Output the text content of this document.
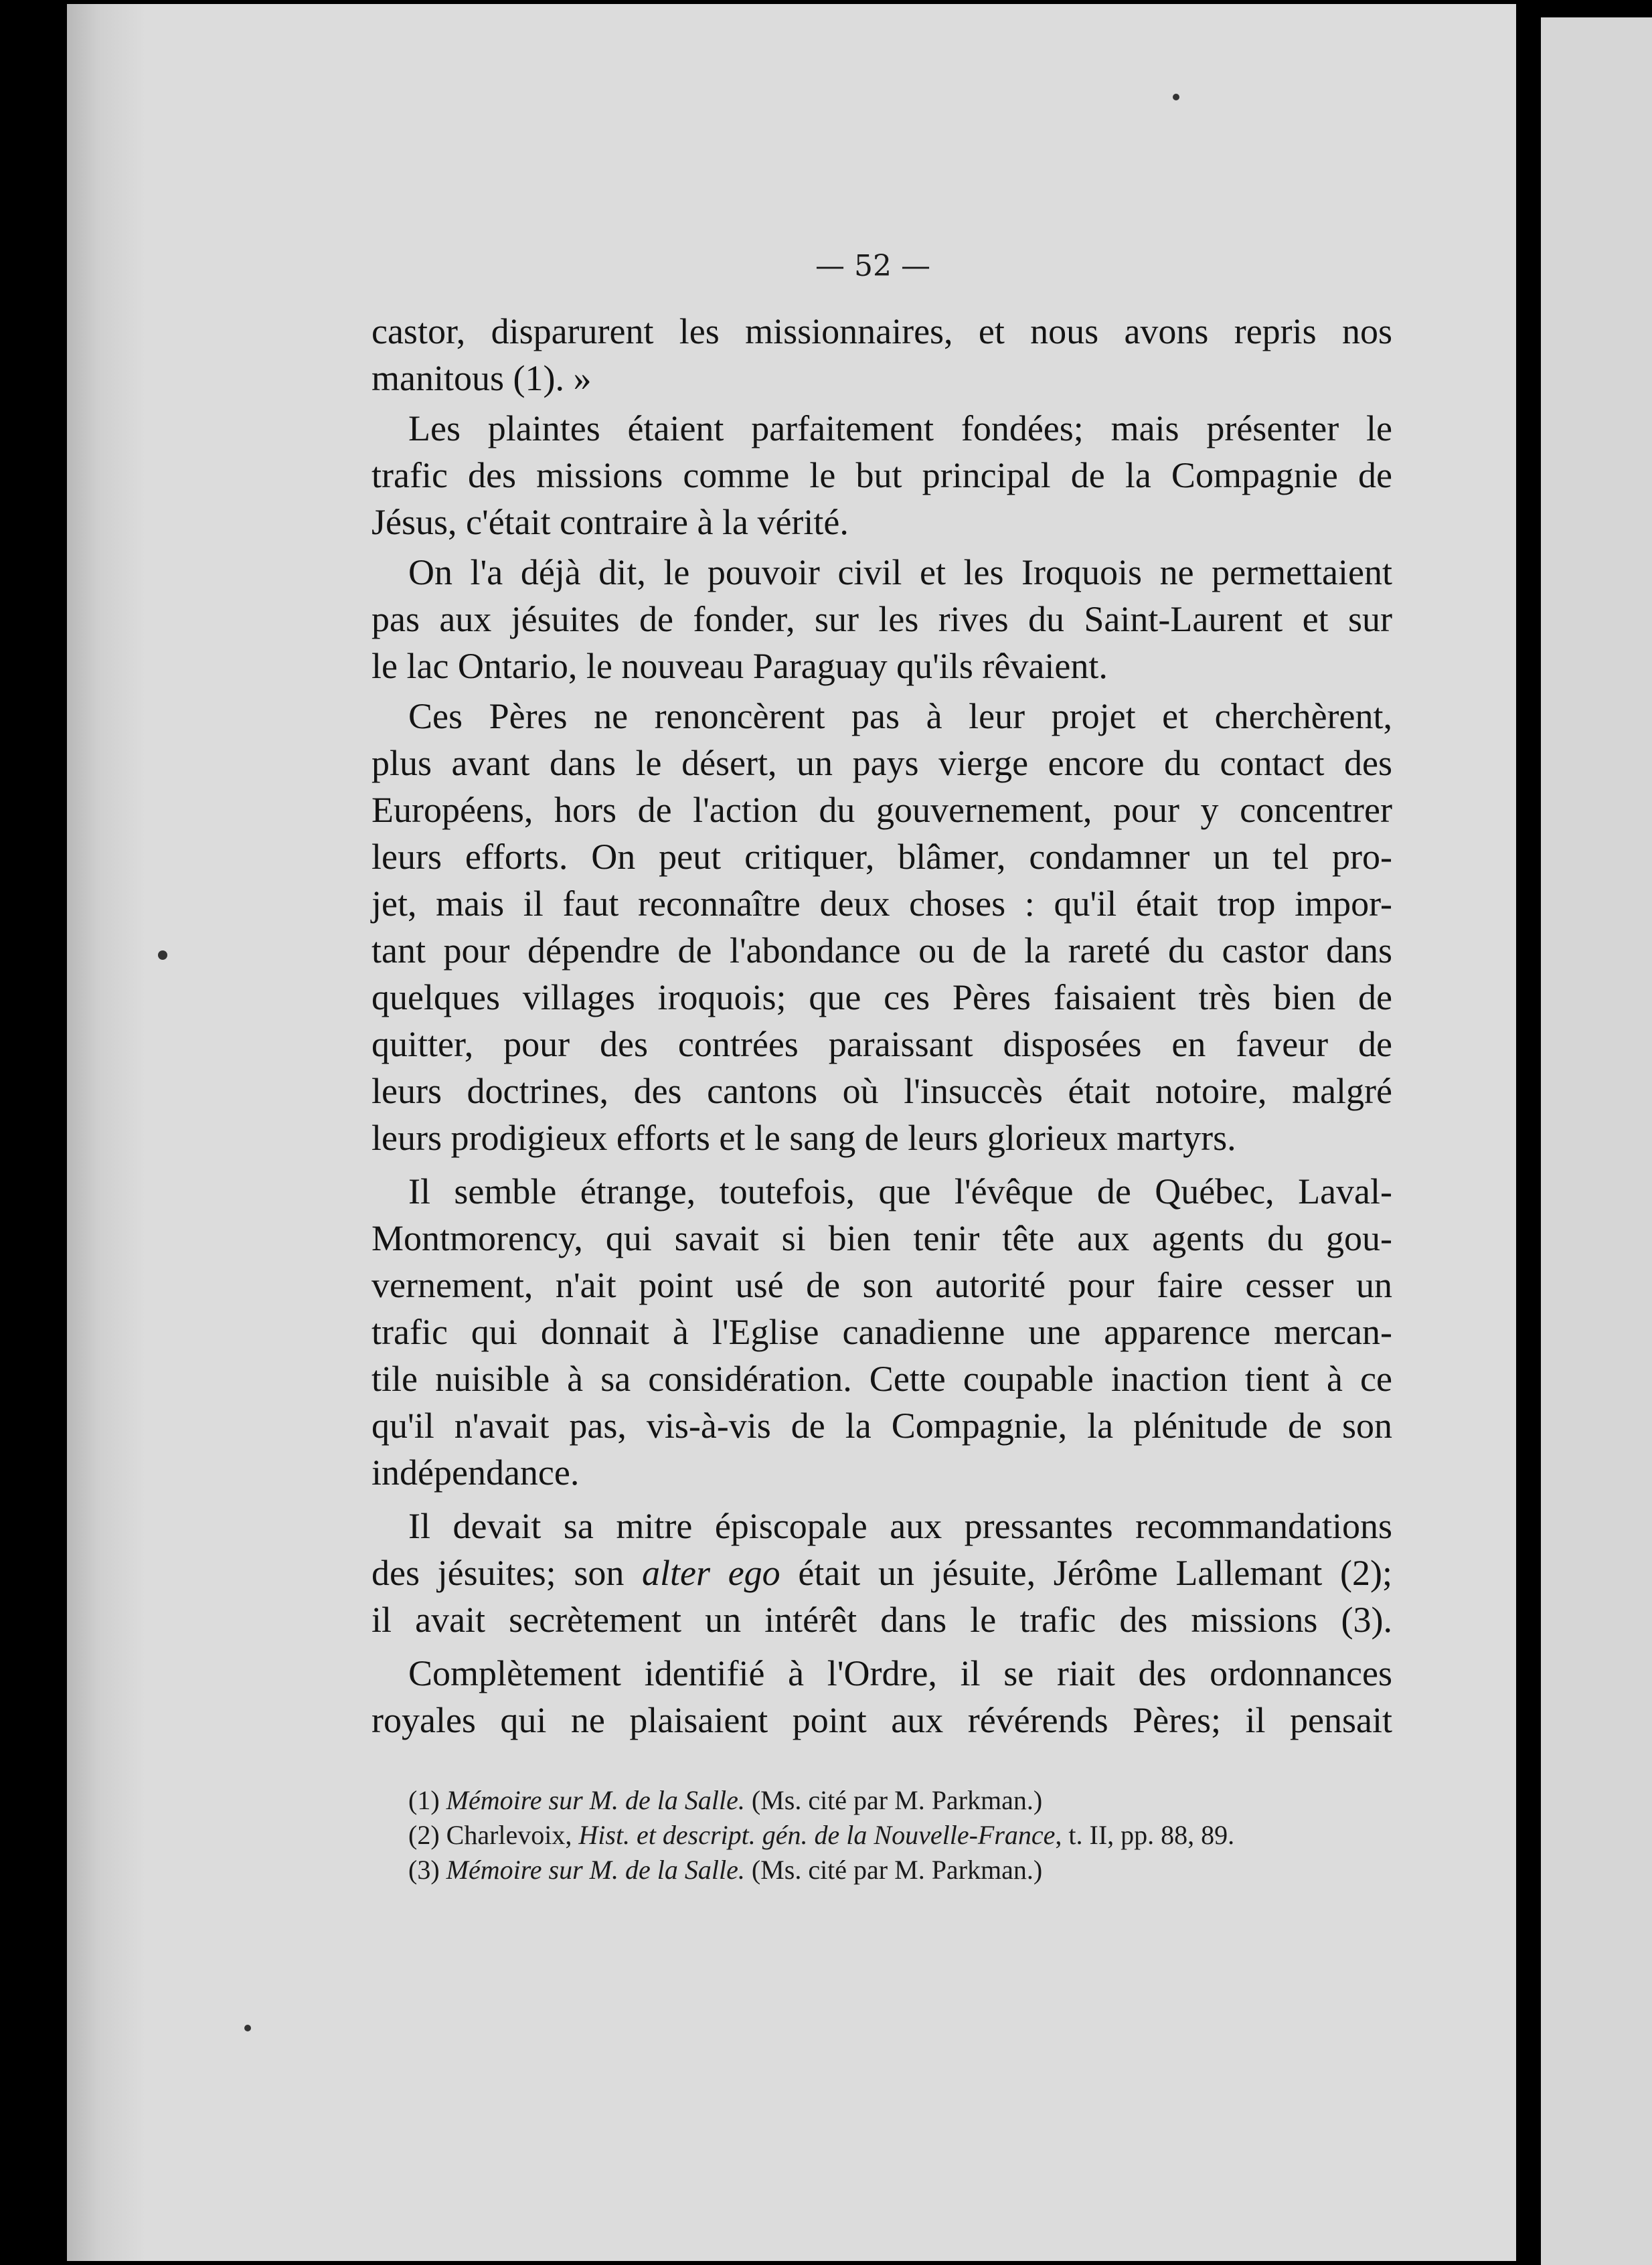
— 52 —
castor, disparurent les missionnaires, et nous avons repris nos
manitous (1). »
Les plaintes étaient parfaitement fondées; mais présenter le
trafic des missions comme le but principal de la Compagnie de
Jésus, c'était contraire à la vérité.
On l'a déjà dit, le pouvoir civil et les Iroquois ne permettaient
pas aux jésuites de fonder, sur les rives du Saint-Laurent et sur
le lac Ontario, le nouveau Paraguay qu'ils rêvaient.
Ces Pères ne renoncèrent pas à leur projet et cherchèrent,
plus avant dans le désert, un pays vierge encore du contact des
Européens, hors de l'action du gouvernement, pour y concentrer
leurs efforts. On peut critiquer, blâmer, condamner un tel pro-
jet, mais il faut reconnaître deux choses : qu'il était trop impor-
tant pour dépendre de l'abondance ou de la rareté du castor dans
quelques villages iroquois; que ces Pères faisaient très bien de
quitter, pour des contrées paraissant disposées en faveur de
leurs doctrines, des cantons où l'insuccès était notoire, malgré
leurs prodigieux efforts et le sang de leurs glorieux martyrs.
Il semble étrange, toutefois, que l'évêque de Québec, Laval-
Montmorency, qui savait si bien tenir tête aux agents du gou-
vernement, n'ait point usé de son autorité pour faire cesser un
trafic qui donnait à l'Eglise canadienne une apparence mercan-
tile nuisible à sa considération. Cette coupable inaction tient à ce
qu'il n'avait pas, vis-à-vis de la Compagnie, la plénitude de son
indépendance.
Il devait sa mitre épiscopale aux pressantes recommandations
des jésuites; son alter ego était un jésuite, Jérôme Lallemant (2);
il avait secrètement un intérêt dans le trafic des missions (3).
Complètement identifié à l'Ordre, il se riait des ordonnances
royales qui ne plaisaient point aux révérends Pères; il pensait
(1) Mémoire sur M. de la Salle. (Ms. cité par M. Parkman.)
(2) Charlevoix, Hist. et descript. gén. de la Nouvelle-France, t. II, pp. 88, 89.
(3) Mémoire sur M. de la Salle. (Ms. cité par M. Parkman.)
